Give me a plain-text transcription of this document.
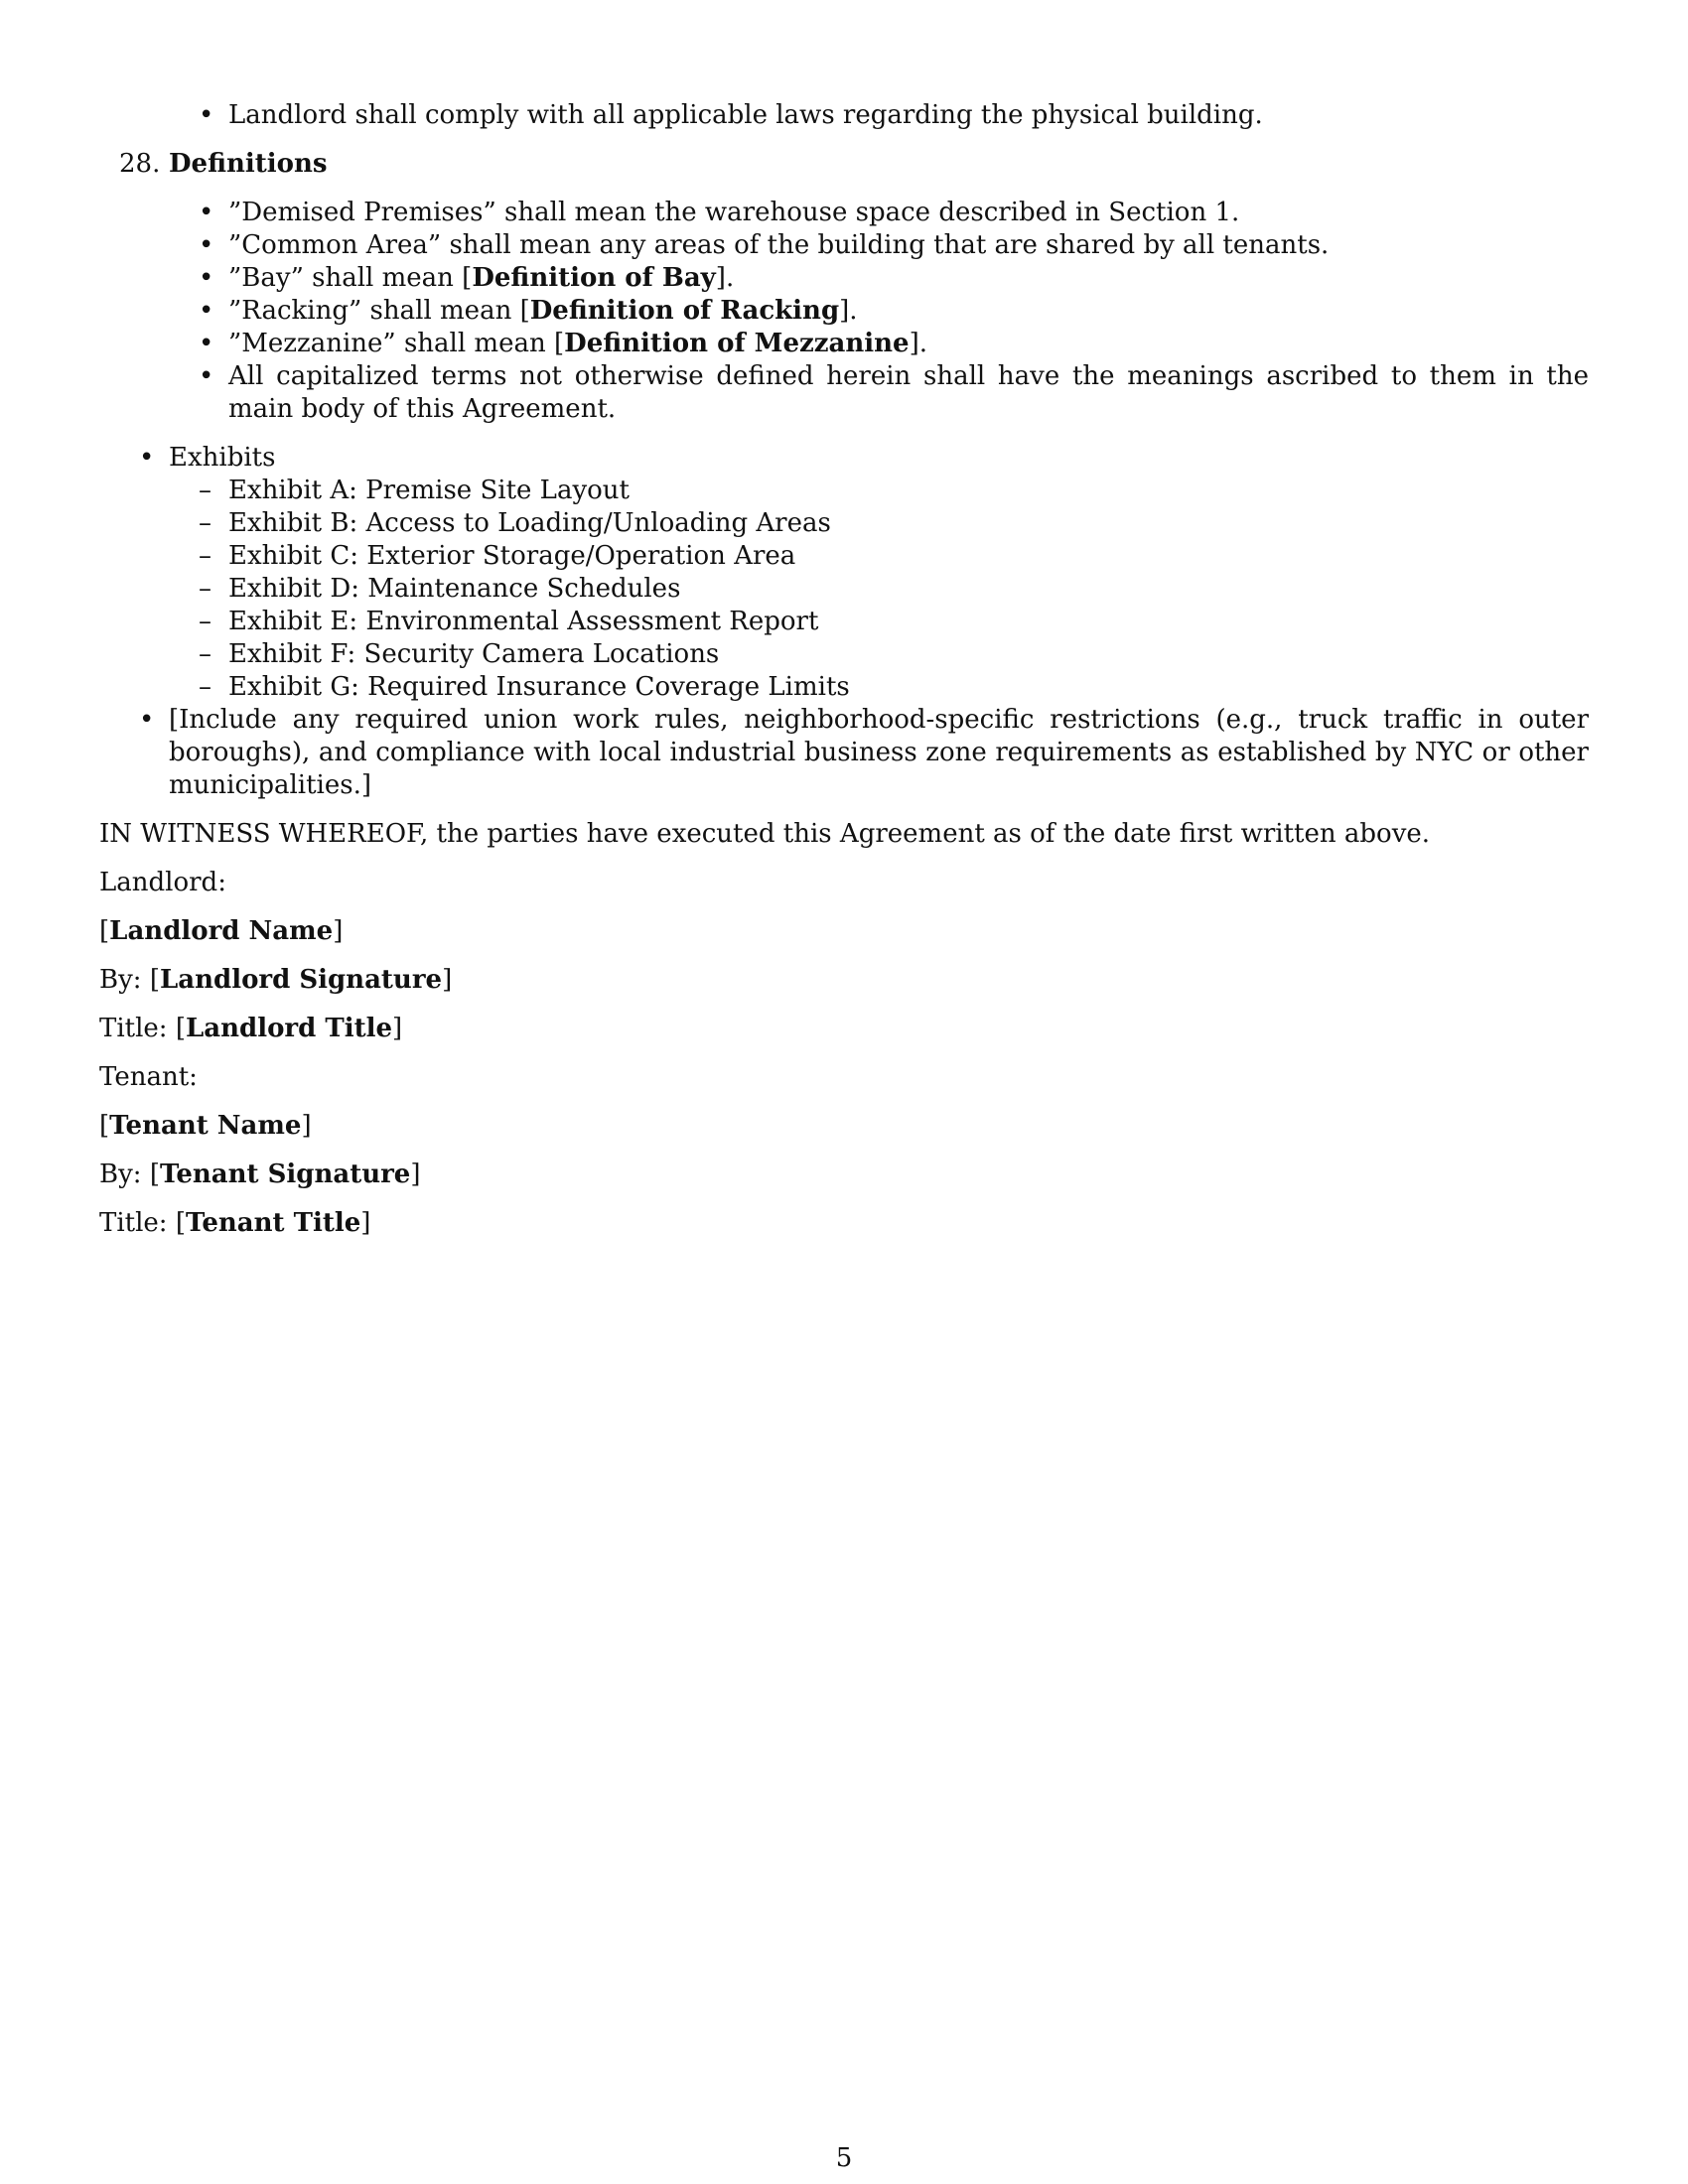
• Landlord shall comply with all applicable laws regarding the physical building.
28. Definitions
• ”Demised Premises” shall mean the warehouse space described in Section 1.
• ”Common Area” shall mean any areas of the building that are shared by all tenants.
• ”Bay” shall mean [Definition of Bay].
• ”Racking” shall mean [Definition of Racking].
• ”Mezzanine” shall mean [Definition of Mezzanine].
• All capitalized terms not otherwise defined herein shall have the meanings ascribed to them in the main body of this Agreement.
• Exhibits
– Exhibit A: Premise Site Layout
– Exhibit B: Access to Loading/Unloading Areas
– Exhibit C: Exterior Storage/Operation Area
– Exhibit D: Maintenance Schedules
– Exhibit E: Environmental Assessment Report
– Exhibit F: Security Camera Locations
– Exhibit G: Required Insurance Coverage Limits
• [Include any required union work rules, neighborhood-specific restrictions (e.g., truck traffic in outer boroughs), and compliance with local industrial business zone requirements as established by NYC or other municipalities.]
IN WITNESS WHEREOF, the parties have executed this Agreement as of the date first written above.
Landlord:
[Landlord Name]
By: [Landlord Signature]
Title: [Landlord Title]
Tenant:
[Tenant Name]
By: [Tenant Signature]
Title: [Tenant Title]
5
